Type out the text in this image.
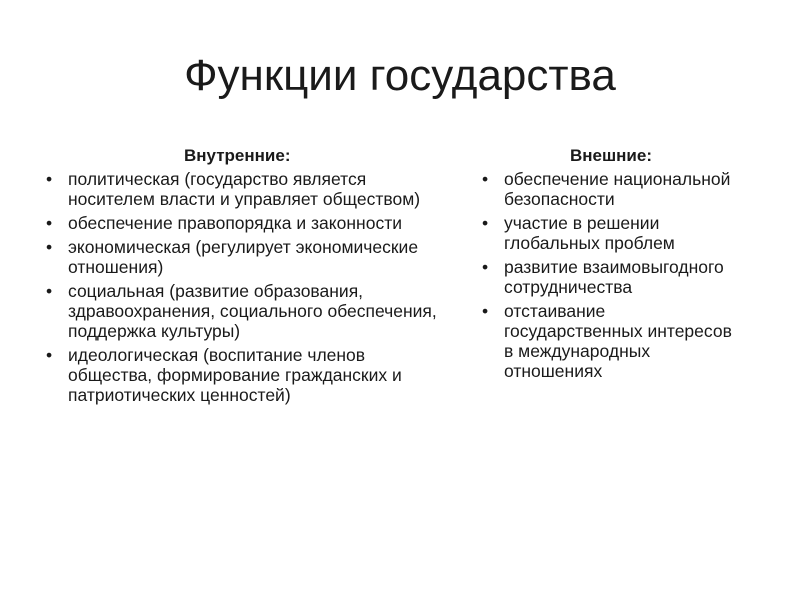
Функции государства
Внутренние:
• политическая (государство является носителем власти и управляет обществом)
• обеспечение правопорядка и законности
• экономическая (регулирует экономические отношения)
• социальная (развитие образования, здравоохранения, социального обеспечения, поддержка культуры)
• идеологическая (воспитание членов общества, формирование гражданских и патриотических ценностей)
Внешние:
• обеспечение национальной безопасности
• участие в решении глобальных проблем
• развитие взаимовыгодного сотрудничества
• отстаивание государственных интересов в международных отношениях
